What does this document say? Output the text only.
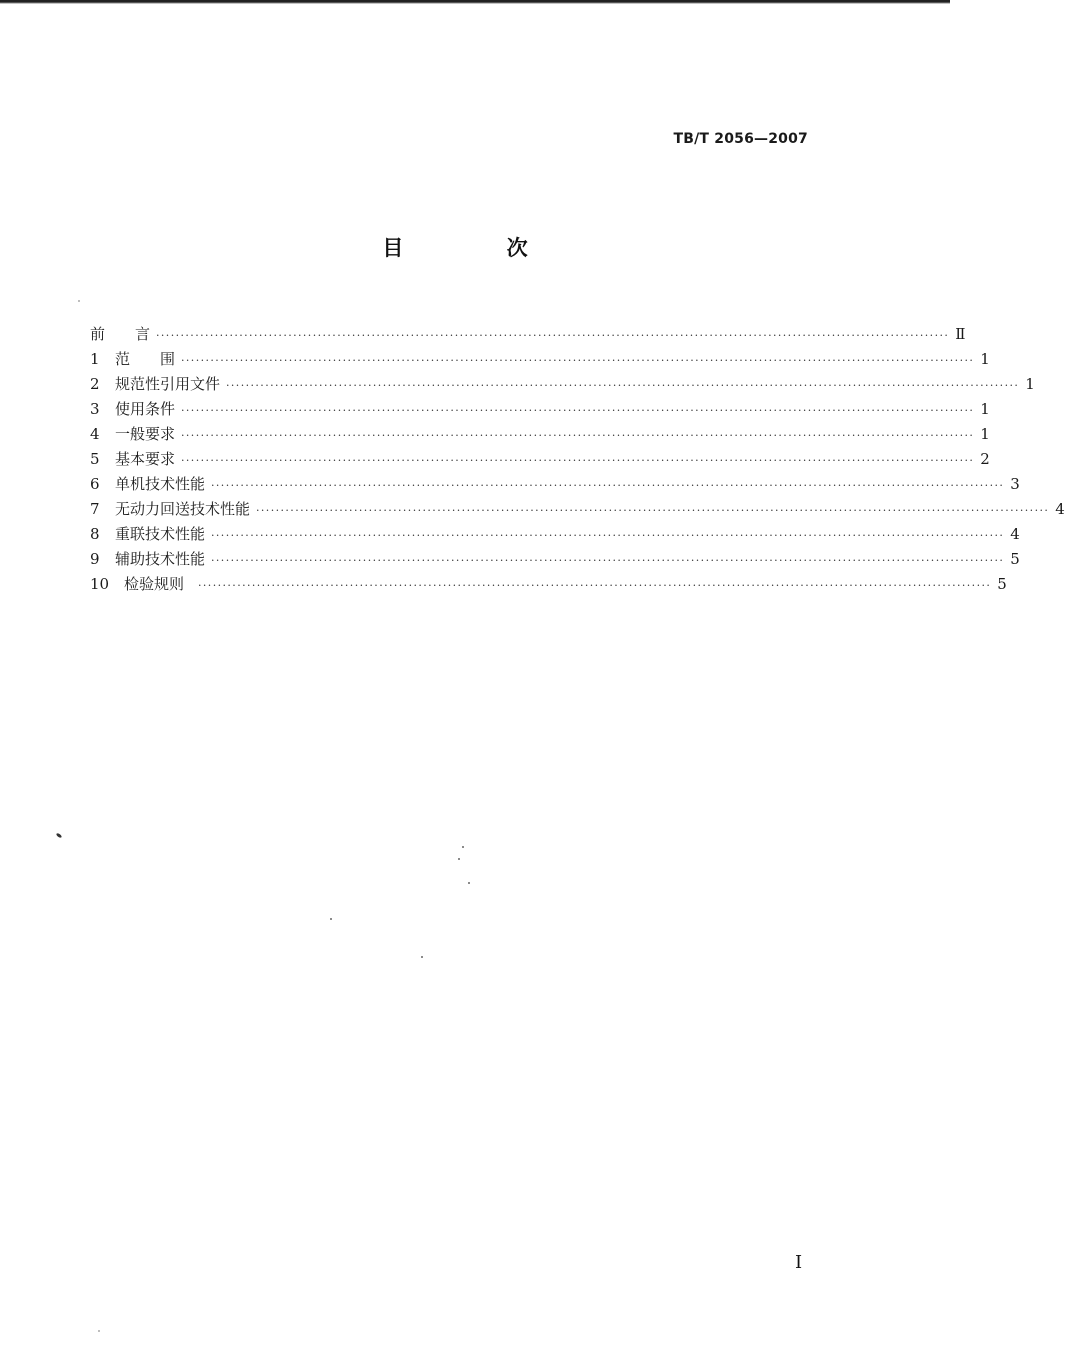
TB/T 2056—2007
目 次
前　　言 ·································································································································································· Ⅱ
1	范　　围 ·································································································································································· 1
2	规范性引用文件 ·································································································································································· 1
3	使用条件 ·································································································································································· 1
4	一般要求 ·································································································································································· 1
5	基本要求 ·································································································································································· 2
6	单机技术性能 ·································································································································································· 3
7	无动力回送技术性能 ·································································································································································· 4
8	重联技术性能 ·································································································································································· 4
9	辅助技术性能 ·································································································································································· 5
10 检验规则 ·································································································································································· 5
I
